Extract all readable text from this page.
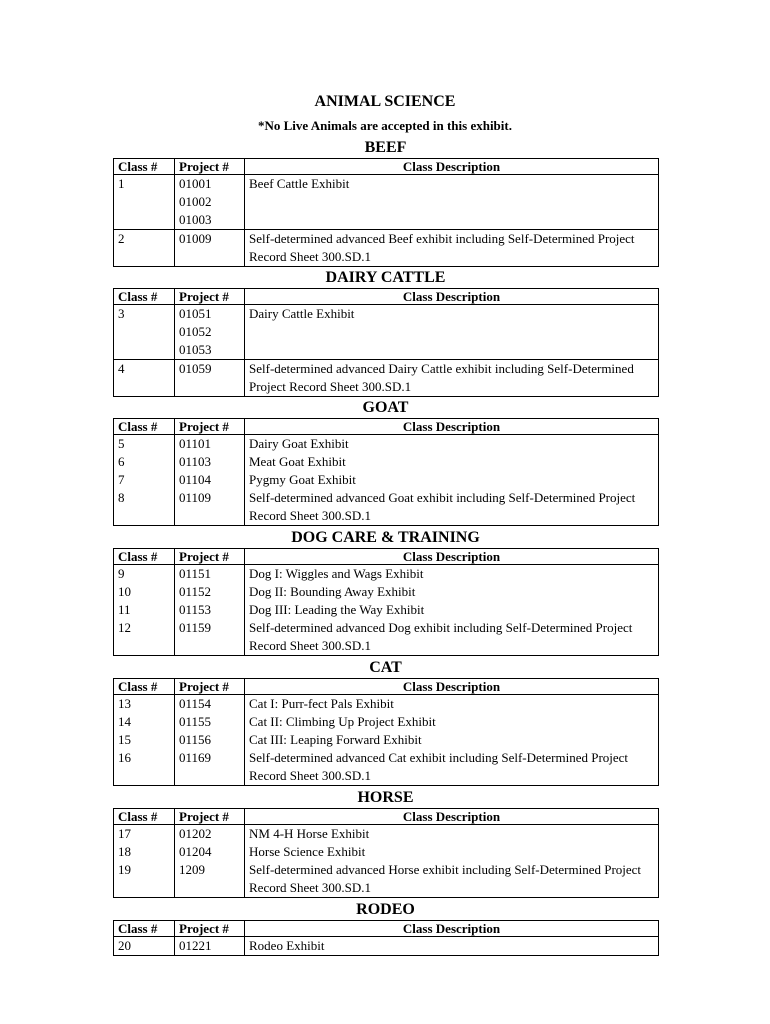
ANIMAL SCIENCE
*No Live Animals are accepted in this exhibit.
BEEF
Class #	Project #	Class Description
1	01001	Beef Cattle Exhibit
	01002	
	01003	
2	01009	Self-determined advanced Beef exhibit including Self-Determined Project Record Sheet 300.SD.1
DAIRY CATTLE
Class #	Project #	Class Description
3	01051	Dairy Cattle Exhibit
	01052	
	01053	
4	01059	Self-determined advanced Dairy Cattle exhibit including Self-Determined Project Record Sheet 300.SD.1
GOAT
Class #	Project #	Class Description
5	01101	Dairy Goat Exhibit
6	01103	Meat Goat Exhibit
7	01104	Pygmy Goat Exhibit
8	01109	Self-determined advanced Goat exhibit including Self-Determined Project Record Sheet 300.SD.1
DOG CARE & TRAINING
Class #	Project #	Class Description
9	01151	Dog I: Wiggles and Wags Exhibit
10	01152	Dog II: Bounding Away Exhibit
11	01153	Dog III: Leading the Way Exhibit
12	01159	Self-determined advanced Dog exhibit including Self-Determined Project Record Sheet 300.SD.1
CAT
Class #	Project #	Class Description
13	01154	Cat I: Purr-fect Pals Exhibit
14	01155	Cat II: Climbing Up Project Exhibit
15	01156	Cat III: Leaping Forward Exhibit
16	01169	Self-determined advanced Cat exhibit including Self-Determined Project Record Sheet 300.SD.1
HORSE
Class #	Project #	Class Description
17	01202	NM 4-H Horse Exhibit
18	01204	Horse Science Exhibit
19	1209	Self-determined advanced Horse exhibit including Self-Determined Project Record Sheet 300.SD.1
RODEO
Class #	Project #	Class Description
20	01221	Rodeo Exhibit
